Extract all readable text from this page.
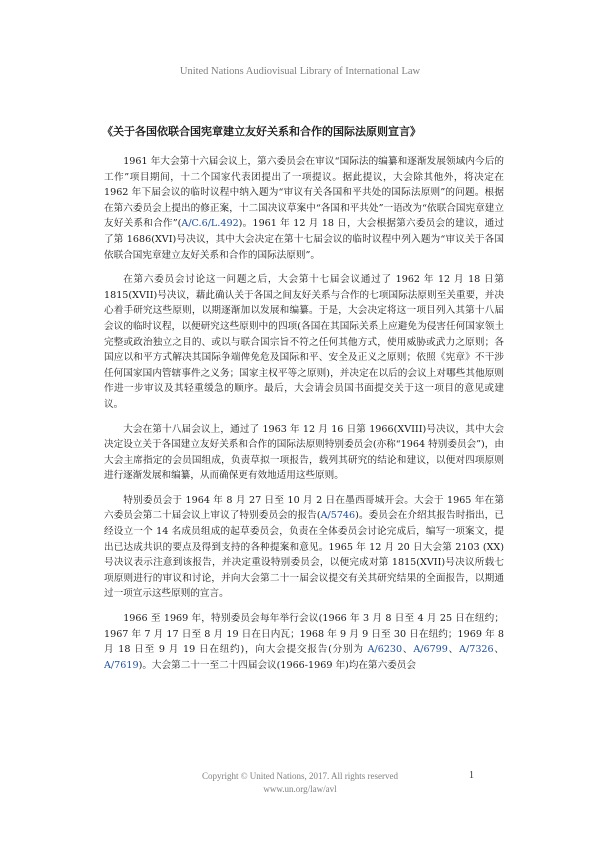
United Nations Audiovisual Library of International Law
《关于各国依联合国宪章建立友好关系和合作的国际法原则宣言》

1961 年大会第十六届会议上，第六委员会在审议“国际法的编纂和逐渐发展领域内今后的工作”项目期间，十二个国家代表团提出了一项提议。据此提议，大会除其他外，将决定在 1962 年下届会议的临时议程中纳入题为“审议有关各国和平共处的国际法原则”的问题。根据在第六委员会上提出的修正案，十二国决议草案中“各国和平共处”一语改为“依联合国宪章建立友好关系和合作”(A/C.6/L.492)。1961 年 12 月 18 日，大会根据第六委员会的建议，通过了第 1686(XVI)号决议，其中大会决定在第十七届会议的临时议程中列入题为“审议关于各国依联合国宪章建立友好关系和合作的国际法原则”。

在第六委员会讨论这一问题之后，大会第十七届会议通过了 1962 年 12 月 18 日第 1815(XVII)号决议，藉此确认关于各国之间友好关系与合作的七项国际法原则至关重要，并决心着手研究这些原则，以期逐渐加以发展和编纂。于是，大会决定将这一项目列入其第十八届会议的临时议程，以便研究这些原则中的四项(各国在其国际关系上应避免为侵害任何国家领土完整或政治独立之目的、或以与联合国宗旨不符之任何其他方式，使用威胁或武力之原则；各国应以和平方式解决其国际争端俾免危及国际和平、安全及正义之原则；依照《宪章》不干涉任何国家国内管辖事件之义务；国家主权平等之原则)，并决定在以后的会议上对哪些其他原则作进一步审议及其轻重缓急的顺序。最后，大会请会员国书面提交关于这一项目的意见或建议。

大会在第十八届会议上，通过了 1963 年 12 月 16 日第 1966(XVIII)号决议，其中大会决定设立关于各国建立友好关系和合作的国际法原则特别委员会(亦称“1964 特别委员会”)，由大会主席指定的会员国组成，负责草拟一项报告，载列其研究的结论和建议，以便对四项原则进行逐渐发展和编纂，从而确保更有效地适用这些原则。

特别委员会于 1964 年 8 月 27 日至 10 月 2 日在墨西哥城开会。大会于 1965 年在第六委员会第二十届会议上审议了特别委员会的报告(A/5746)。委员会在介绍其报告时指出，已经设立一个 14 名成员组成的起草委员会，负责在全体委员会讨论完成后，编写一项案文，提出已达成共识的要点及得到支持的各种提案和意见。1965 年 12 月 20 日大会第 2103 (XX)号决议表示注意到该报告，并决定重设特别委员会，以便完成对第 1815(XVII)号决议所载七项原则进行的审议和讨论，并向大会第二十一届会议提交有关其研究结果的全面报告，以期通过一项宣示这些原则的宣言。

1966 至 1969 年，特别委员会每年举行会议(1966 年 3 月 8 日至 4 月 25 日在纽约；1967 年 7 月 17 日至 8 月 19 日在日内瓦；1968 年 9 月 9 日至 30 日在纽约；1969 年 8 月 18 日至 9 月 19 日在纽约)，向大会提交报告(分别为 A/6230、A/6799、A/7326、A/7619)。大会第二十一至二十四届会议(1966-1969 年)均在第六委员会

Copyright © United Nations, 2017. All rights reserved
www.un.org/law/avl
1
